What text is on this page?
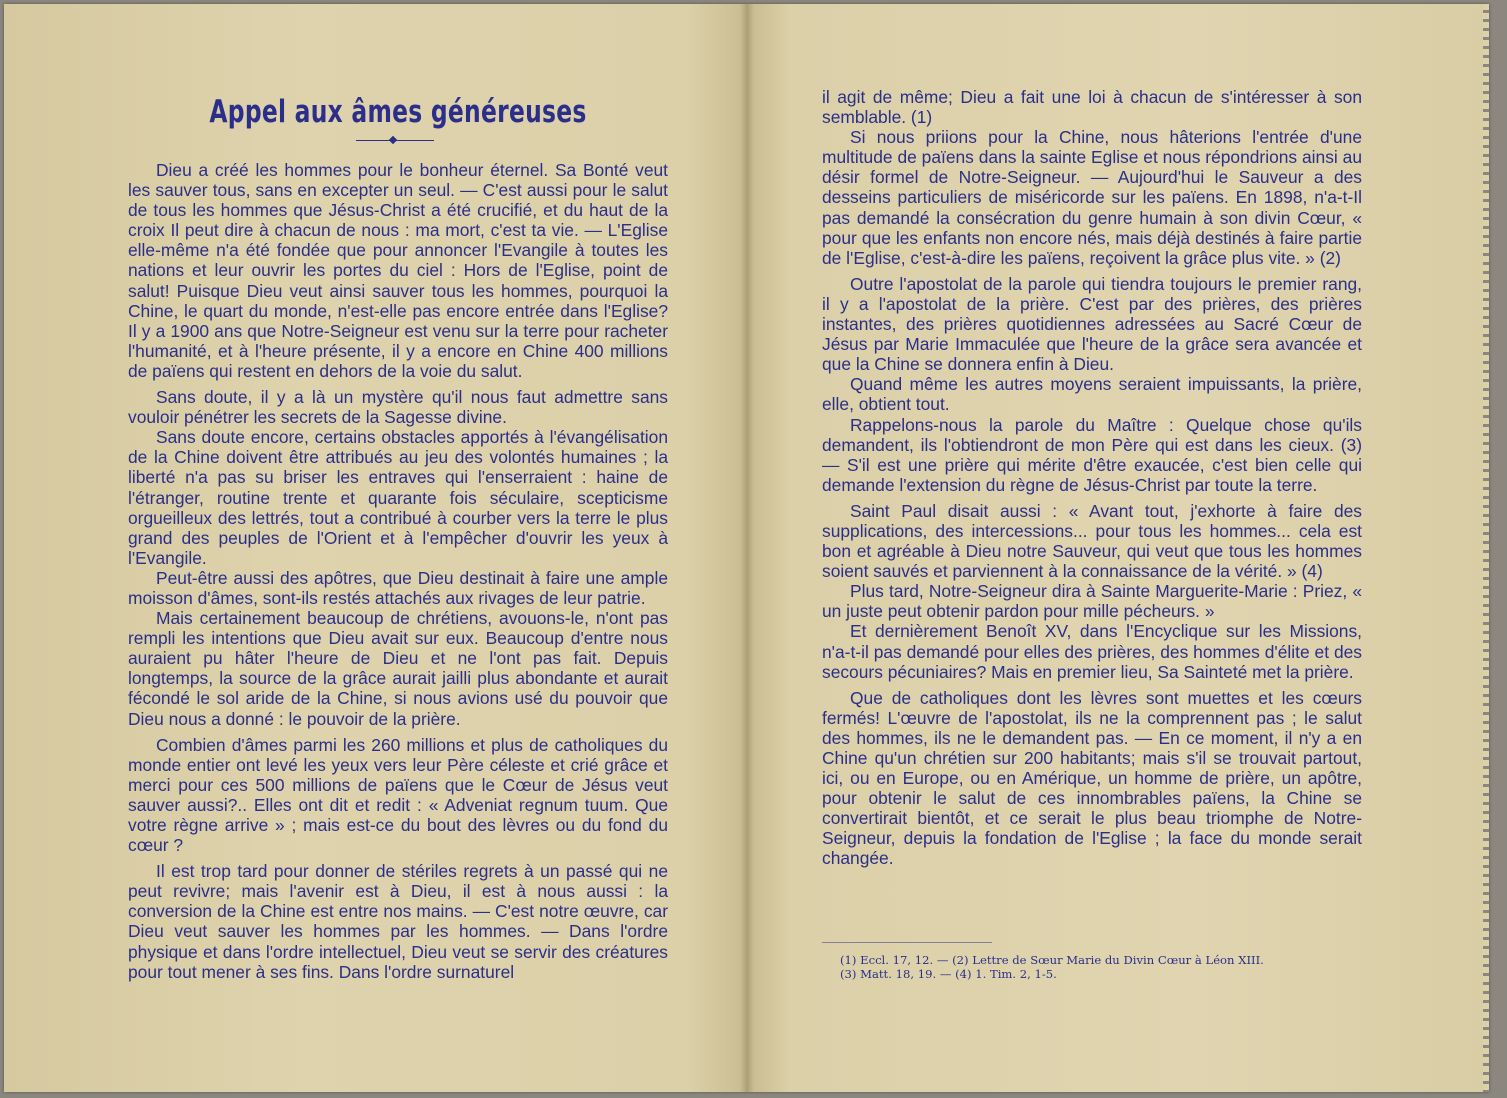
Appel aux âmes généreuses

Dieu a créé les hommes pour le bonheur éternel. Sa Bonté veut les sauver tous, sans en excepter un seul. — C'est aussi pour le salut de tous les hommes que Jésus-Christ a été crucifié, et du haut de la croix Il peut dire à chacun de nous : ma mort, c'est ta vie. — L'Eglise elle-même n'a été fondée que pour annoncer l'Evangile à toutes les nations et leur ouvrir les portes du ciel : Hors de l'Eglise, point de salut! Puisque Dieu veut ainsi sauver tous les hommes, pourquoi la Chine, le quart du monde, n'est-elle pas encore entrée dans l'Eglise? Il y a 1900 ans que Notre-Seigneur est venu sur la terre pour racheter l'humanité, et à l'heure présente, il y a encore en Chine 400 millions de païens qui restent en dehors de la voie du salut.

Sans doute, il y a là un mystère qu'il nous faut admettre sans vouloir pénétrer les secrets de la Sagesse divine.

Sans doute encore, certains obstacles apportés à l'évangélisation de la Chine doivent être attribués au jeu des volontés humaines ; la liberté n'a pas su briser les entraves qui l'enserraient : haine de l'étranger, routine trente et quarante fois séculaire, scepticisme orgueilleux des lettrés, tout a contribué à courber vers la terre le plus grand des peuples de l'Orient et à l'empêcher d'ouvrir les yeux à l'Evangile.

Peut-être aussi des apôtres, que Dieu destinait à faire une ample moisson d'âmes, sont-ils restés attachés aux rivages de leur patrie.

Mais certainement beaucoup de chrétiens, avouons-le, n'ont pas rempli les intentions que Dieu avait sur eux. Beaucoup d'entre nous auraient pu hâter l'heure de Dieu et ne l'ont pas fait. Depuis longtemps, la source de la grâce aurait jailli plus abondante et aurait fécondé le sol aride de la Chine, si nous avions usé du pouvoir que Dieu nous a donné : le pouvoir de la prière.

Combien d'âmes parmi les 260 millions et plus de catholiques du monde entier ont levé les yeux vers leur Père céleste et crié grâce et merci pour ces 500 millions de païens que le Cœur de Jésus veut sauver aussi?.. Elles ont dit et redit : « Adveniat regnum tuum. Que votre règne arrive » ; mais est-ce du bout des lèvres ou du fond du cœur ?

Il est trop tard pour donner de stériles regrets à un passé qui ne peut revivre; mais l'avenir est à Dieu, il est à nous aussi : la conversion de la Chine est entre nos mains. — C'est notre œuvre, car Dieu veut sauver les hommes par les hommes. — Dans l'ordre physique et dans l'ordre intellectuel, Dieu veut se servir des créatures pour tout mener à ses fins. Dans l'ordre surnaturel

il agit de même; Dieu a fait une loi à chacun de s'intéresser à son semblable. (1)

Si nous priions pour la Chine, nous hâterions l'entrée d'une multitude de païens dans la sainte Eglise et nous répondrions ainsi au désir formel de Notre-Seigneur. — Aujourd'hui le Sauveur a des desseins particuliers de miséricorde sur les païens. En 1898, n'a-t-Il pas demandé la consécration du genre humain à son divin Cœur, « pour que les enfants non encore nés, mais déjà destinés à faire partie de l'Eglise, c'est-à-dire les païens, reçoivent la grâce plus vite. » (2)

Outre l'apostolat de la parole qui tiendra toujours le premier rang, il y a l'apostolat de la prière. C'est par des prières, des prières instantes, des prières quotidiennes adressées au Sacré Cœur de Jésus par Marie Immaculée que l'heure de la grâce sera avancée et que la Chine se donnera enfin à Dieu.

Quand même les autres moyens seraient impuissants, la prière, elle, obtient tout.

Rappelons-nous la parole du Maître : Quelque chose qu'ils demandent, ils l'obtiendront de mon Père qui est dans les cieux. (3) — S'il est une prière qui mérite d'être exaucée, c'est bien celle qui demande l'extension du règne de Jésus-Christ par toute la terre.

Saint Paul disait aussi : « Avant tout, j'exhorte à faire des supplications, des intercessions... pour tous les hommes... cela est bon et agréable à Dieu notre Sauveur, qui veut que tous les hommes soient sauvés et parviennent à la connaissance de la vérité. » (4)

Plus tard, Notre-Seigneur dira à Sainte Marguerite-Marie : Priez, « un juste peut obtenir pardon pour mille pécheurs. »

Et dernièrement Benoît XV, dans l'Encyclique sur les Missions, n'a-t-il pas demandé pour elles des prières, des hommes d'élite et des secours pécuniaires? Mais en premier lieu, Sa Sainteté met la prière.

Que de catholiques dont les lèvres sont muettes et les cœurs fermés! L'œuvre de l'apostolat, ils ne la comprennent pas ; le salut des hommes, ils ne le demandent pas. — En ce moment, il n'y a en Chine qu'un chrétien sur 200 habitants; mais s'il se trouvait partout, ici, ou en Europe, ou en Amérique, un homme de prière, un apôtre, pour obtenir le salut de ces innombrables païens, la Chine se convertirait bientôt, et ce serait le plus beau triomphe de Notre-Seigneur, depuis la fondation de l'Eglise ; la face du monde serait changée.

(1) Eccl. 17, 12. — (2) Lettre de Sœur Marie du Divin Cœur à Léon XIII.
(3) Matt. 18, 19. — (4) 1. Tim. 2, 1-5.
